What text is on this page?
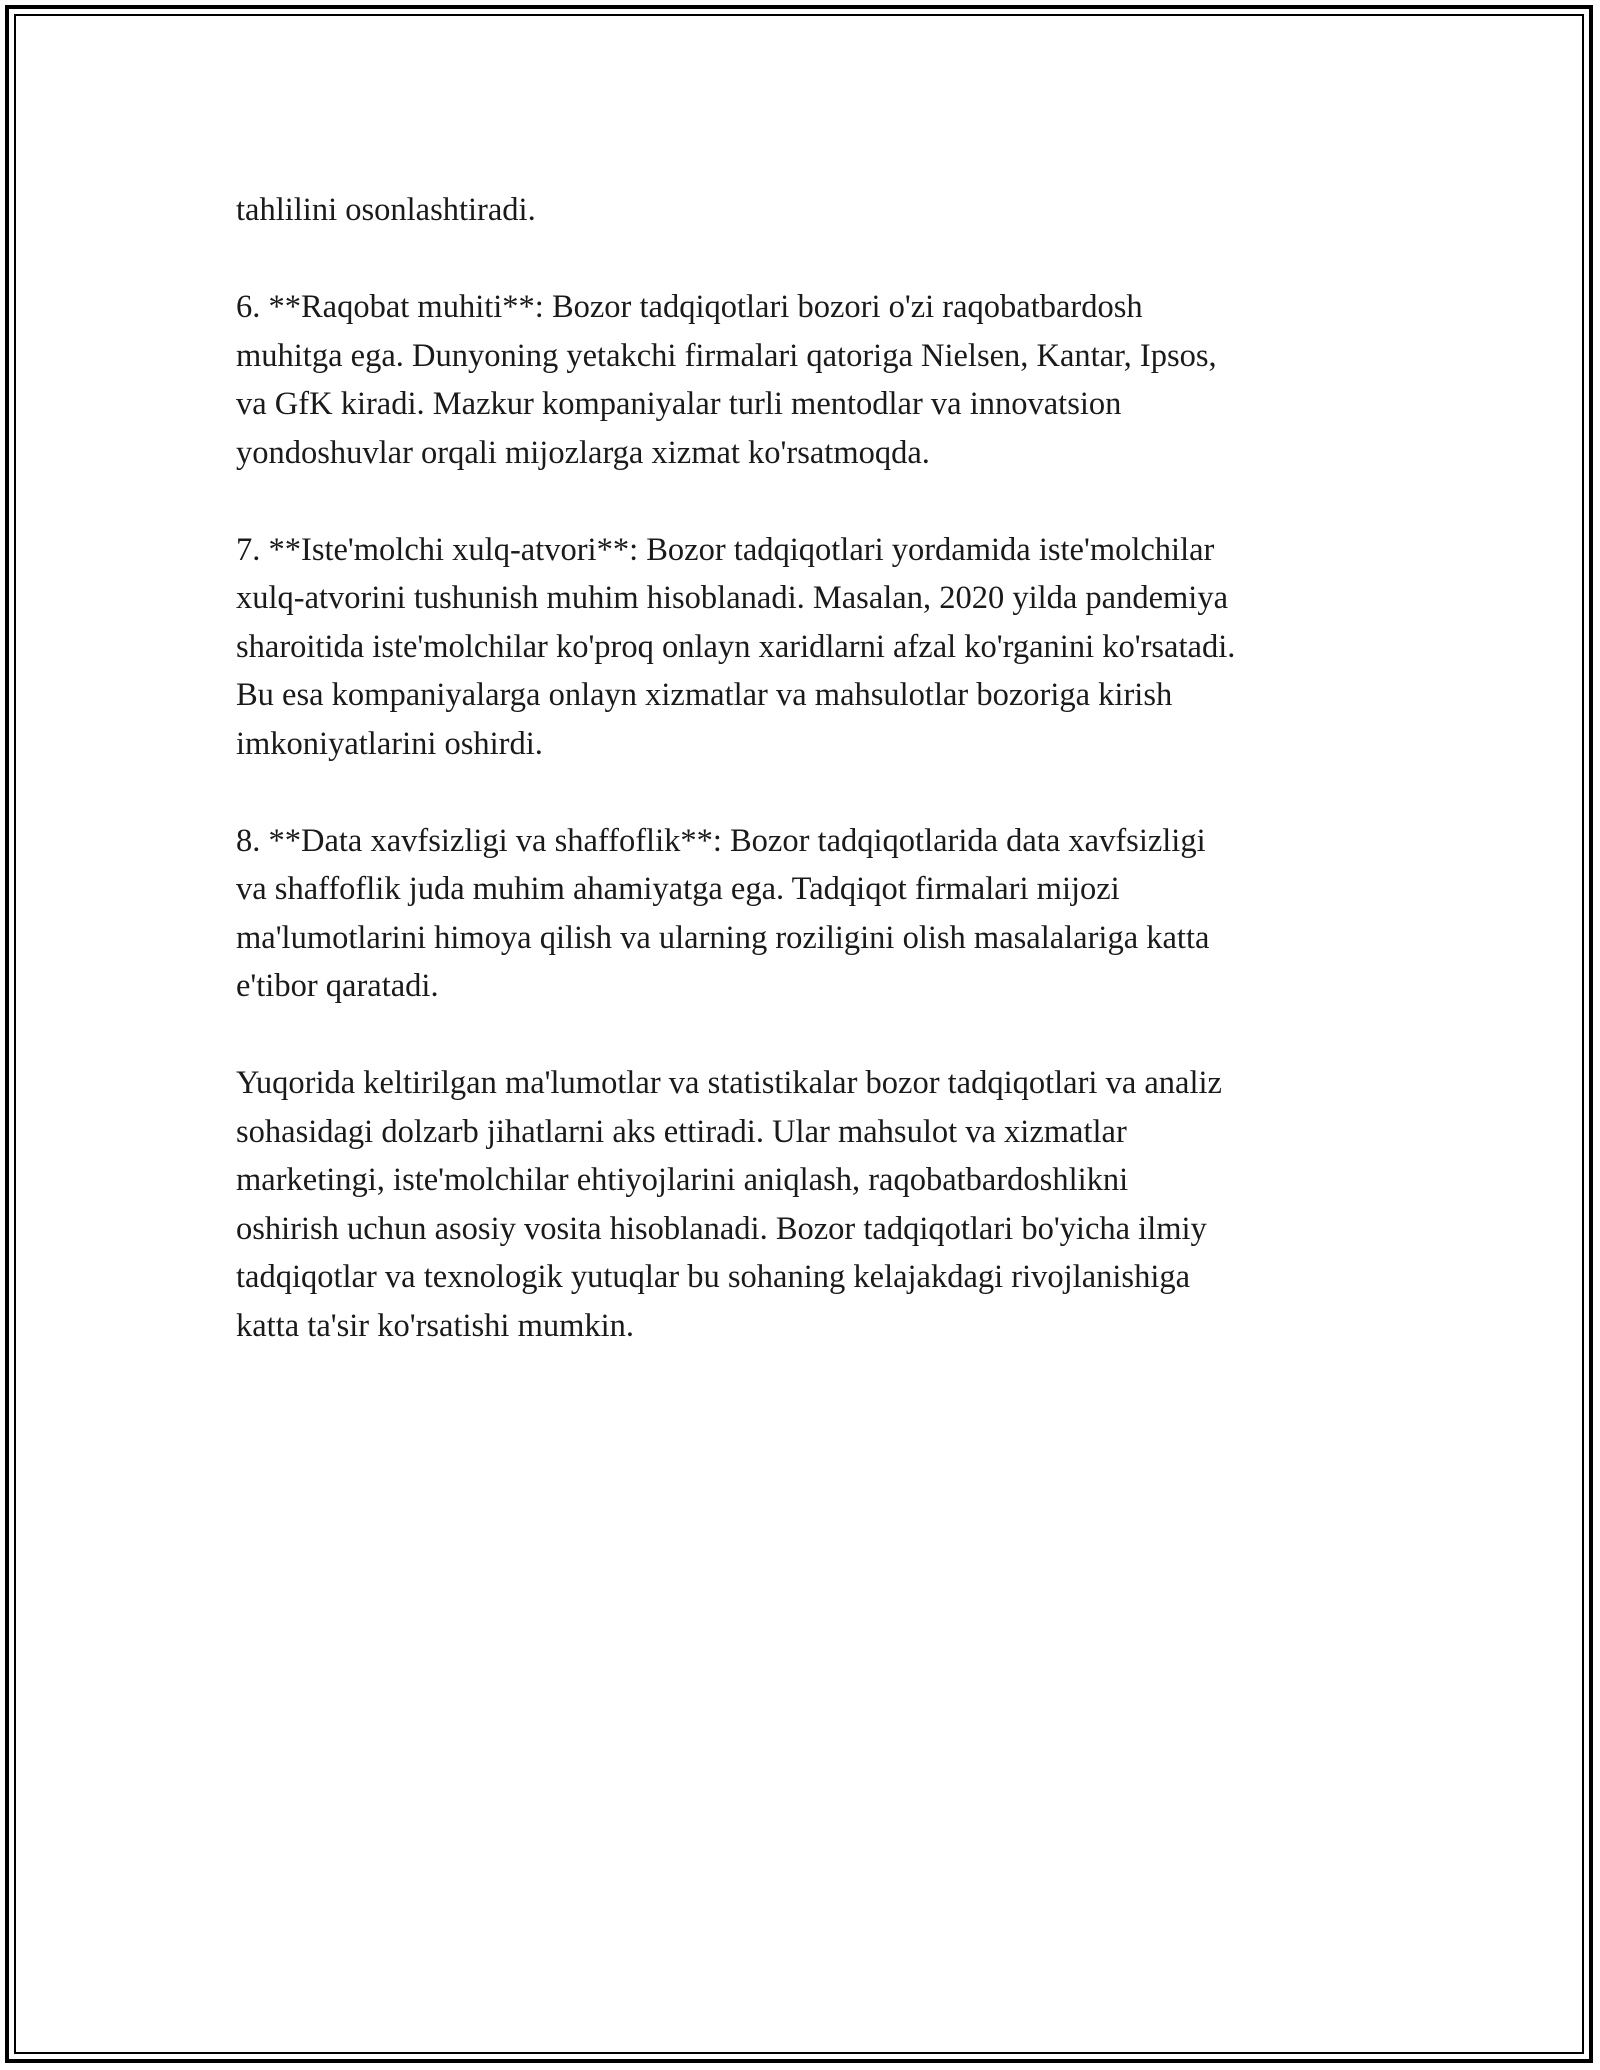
tahlilini osonlashtiradi.

6. **Raqobat muhiti**: Bozor tadqiqotlari bozori o'zi raqobatbardosh
muhitga ega. Dunyoning yetakchi firmalari qatoriga Nielsen, Kantar, Ipsos,
va GfK kiradi. Mazkur kompaniyalar turli mentodlar va innovatsion
yondoshuvlar orqali mijozlarga xizmat ko'rsatmoqda.

7. **Iste'molchi xulq-atvori**: Bozor tadqiqotlari yordamida iste'molchilar
xulq-atvorini tushunish muhim hisoblanadi. Masalan, 2020 yilda pandemiya
sharoitida iste'molchilar ko'proq onlayn xaridlarni afzal ko'rganini ko'rsatadi.
Bu esa kompaniyalarga onlayn xizmatlar va mahsulotlar bozoriga kirish
imkoniyatlarini oshirdi.

8. **Data xavfsizligi va shaffoflik**: Bozor tadqiqotlarida data xavfsizligi
va shaffoflik juda muhim ahamiyatga ega. Tadqiqot firmalari mijozi
ma'lumotlarini himoya qilish va ularning roziligini olish masalalariga katta
e'tibor qaratadi.

Yuqorida keltirilgan ma'lumotlar va statistikalar bozor tadqiqotlari va analiz
sohasidagi dolzarb jihatlarni aks ettiradi. Ular mahsulot va xizmatlar
marketingi, iste'molchilar ehtiyojlarini aniqlash, raqobatbardoshlikni
oshirish uchun asosiy vosita hisoblanadi. Bozor tadqiqotlari bo'yicha ilmiy
tadqiqotlar va texnologik yutuqlar bu sohaning kelajakdagi rivojlanishiga
katta ta'sir ko'rsatishi mumkin.
